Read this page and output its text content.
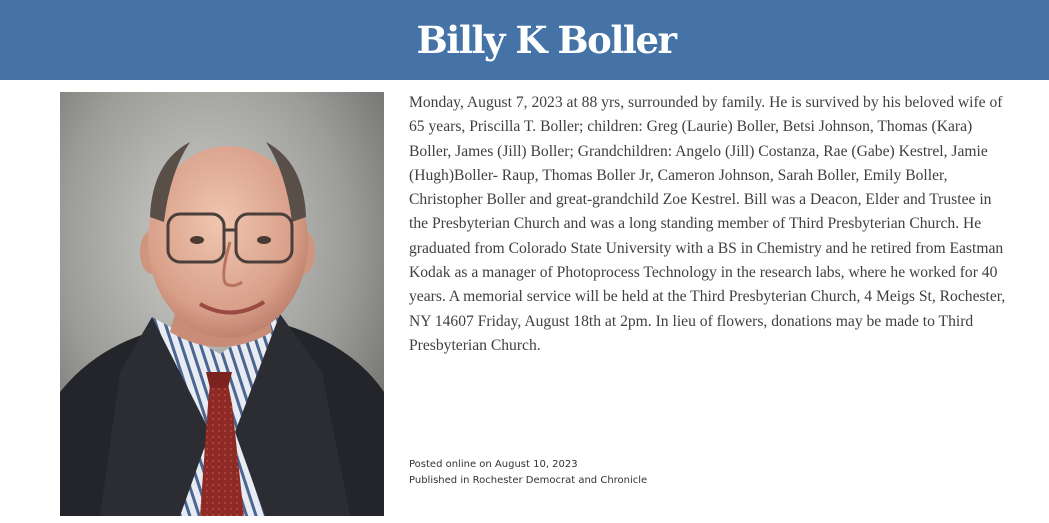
Billy K Boller

Monday, August 7, 2023 at 88 yrs, surrounded by family. He is survived by his beloved wife of 65 years, Priscilla T. Boller; children: Greg (Laurie) Boller, Betsi Johnson, Thomas (Kara) Boller, James (Jill) Boller; Grandchildren: Angelo (Jill) Costanza, Rae (Gabe) Kestrel, Jamie (Hugh)Boller- Raup, Thomas Boller Jr, Cameron Johnson, Sarah Boller, Emily Boller, Christopher Boller and great-grandchild Zoe Kestrel. Bill was a Deacon, Elder and Trustee in the Presbyterian Church and was a long standing member of Third Presbyterian Church. He graduated from Colorado State University with a BS in Chemistry and he retired from Eastman Kodak as a manager of Photoprocess Technology in the research labs, where he worked for 40 years. A memorial service will be held at the Third Presbyterian Church, 4 Meigs St, Rochester, NY 14607 Friday, August 18th at 2pm. In lieu of flowers, donations may be made to Third Presbyterian Church.

Posted online on August 10, 2023
Published in Rochester Democrat and Chronicle
